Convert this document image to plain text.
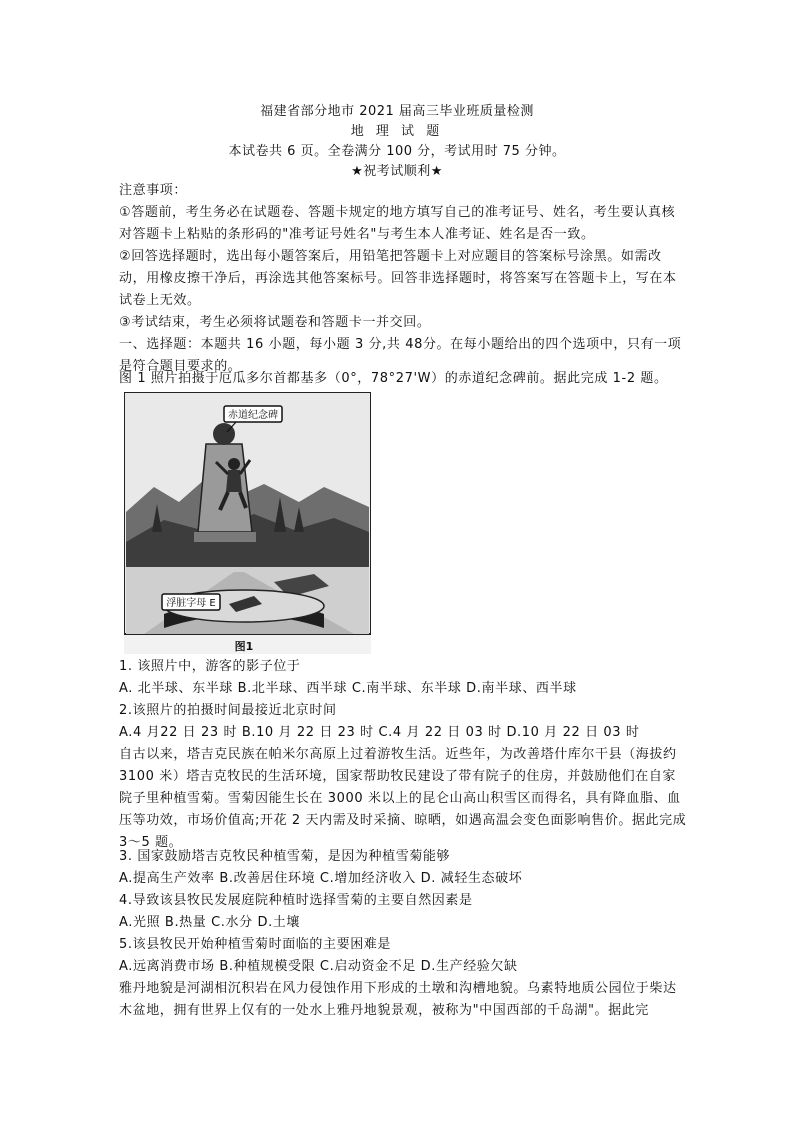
福建省部分地市 2021 届高三毕业班质量检测
地 理 试 题
本试卷共 6 页。全卷满分 100 分，考试用时 75 分钟。
★祝考试顺利★
注意事项：
①答题前，考生务必在试题卷、答题卡规定的地方填写自己的准考证号、姓名，考生要认真核对答题卡上粘贴的条形码的"准考证号姓名"与考生本人准考证、姓名是否一致。
②回答选择题时，选出每小题答案后，用铅笔把答题卡上对应题目的答案标号涂黑。如需改动，用橡皮擦干净后，再涂选其他答案标号。回答非选择题时，将答案写在答题卡上，写在本试卷上无效。
③考试结束，考生必须将试题卷和答题卡一并交回。
一、选择题：本题共 16 小题，每小题 3 分,共 48分。在每小题给出的四个选项中，只有一项是符合题目要求的。
图 1 照片拍摄于厄瓜多尔首都基多（0°，78°27'W）的赤道纪念碑前。据此完成 1-2 题。
赤道纪念碑
浮脏字母 E
图1
1. 该照片中，游客的影子位于
A. 北半球、东半球 B.北半球、西半球 C.南半球、东半球 D.南半球、西半球
2.该照片的拍摄时间最接近北京时间
A.4 月22 日 23 时 B.10 月 22 日 23 时 C.4 月 22 日 03 时 D.10 月 22 日 03 时
自古以来，塔吉克民族在帕米尔高原上过着游牧生活。近些年，为改善塔什库尔干县（海拔约 3100 米）塔吉克牧民的生活环境，国家帮助牧民建设了带有院子的住房，并鼓励他们在自家院子里种植雪菊。雪菊因能生长在 3000 米以上的昆仑山高山积雪区而得名，具有降血脂、血压等功效，市场价值高;开花 2 天内需及时采摘、晾晒，如遇高温会变色面影响售价。据此完成 3～5 题。
3. 国家鼓励塔吉克牧民种植雪菊，是因为种植雪菊能够
A.提高生产效率 B.改善居住环境 C.增加经济收入 D. 减轻生态破坏
4.导致该县牧民发展庭院种植时选择雪菊的主要自然因素是
A.光照 B.热量 C.水分 D.土壤
5.该县牧民开始种植雪菊时面临的主要困难是
A.远离消费市场 B.种植规模受限 C.启动资金不足 D.生产经验欠缺
雅丹地貌是河湖相沉积岩在风力侵蚀作用下形成的土墩和沟槽地貌。乌素特地质公园位于柴达木盆地，拥有世界上仅有的一处水上雅丹地貌景观，被称为"中国西部的千岛湖"。据此完
